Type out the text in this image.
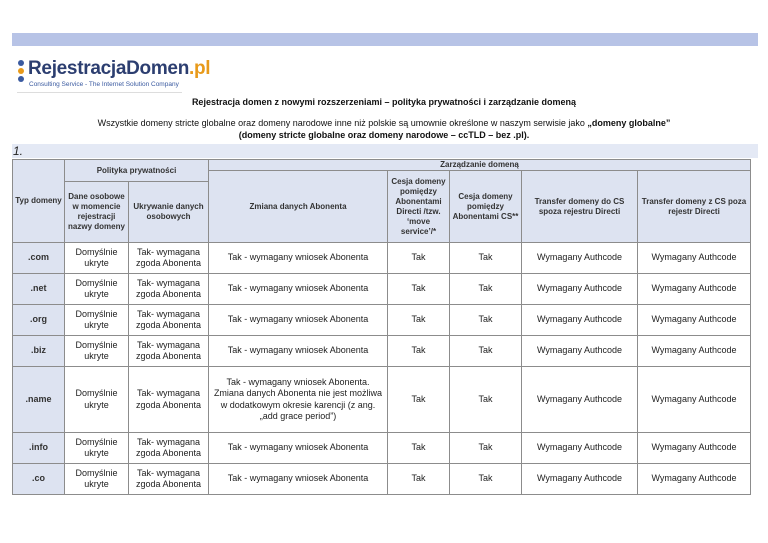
RejestracjaDomen.pl
Consulting Service - The Internet Solution Company
Rejestracja domen z nowymi rozszerzeniami – polityka prywatności i zarządzanie domeną
Wszystkie domeny stricte globalne oraz domeny narodowe inne niż polskie są umownie określone w naszym serwisie jako „domeny globalne”
(domeny stricte globalne oraz domeny narodowe – ccTLD – bez .pl).
1.
Typ domeny	Polityka prywatności		Zarządzanie domeną				
			Zmiana danych Abonenta	Cesja domeny pomiędzy Abonentami Directi /tzw. ‘move service’/*	Cesja domeny pomiędzy Abonentami CS**	Transfer domeny do CS spoza rejestru Directi	Transfer domeny z CS poza rejestr Directi
	Dane osobowe w momencie rejestracji nazwy domeny	Ukrywanie danych osobowych					
.com	Domyślnie ukryte	Tak- wymagana zgoda Abonenta	Tak - wymagany wniosek Abonenta	Tak	Tak	Wymagany Authcode	Wymagany Authcode
.net	Domyślnie ukryte	Tak- wymagana zgoda Abonenta	Tak - wymagany wniosek Abonenta	Tak	Tak	Wymagany Authcode	Wymagany Authcode
.org	Domyślnie ukryte	Tak- wymagana zgoda Abonenta	Tak - wymagany wniosek Abonenta	Tak	Tak	Wymagany Authcode	Wymagany Authcode
.biz	Domyślnie ukryte	Tak- wymagana zgoda Abonenta	Tak - wymagany wniosek Abonenta	Tak	Tak	Wymagany Authcode	Wymagany Authcode
.name	Domyślnie ukryte	Tak- wymagana zgoda Abonenta	Tak - wymagany wniosek Abonenta. Zmiana danych Abonenta nie jest możliwa w dodatkowym okresie karencji (z ang. „add grace period”)	Tak	Tak	Wymagany Authcode	Wymagany Authcode
.info	Domyślnie ukryte	Tak- wymagana zgoda Abonenta	Tak - wymagany wniosek Abonenta	Tak	Tak	Wymagany Authcode	Wymagany Authcode
.co	Domyślnie ukryte	Tak- wymagana zgoda Abonenta	Tak - wymagany wniosek Abonenta	Tak	Tak	Wymagany Authcode	Wymagany Authcode
